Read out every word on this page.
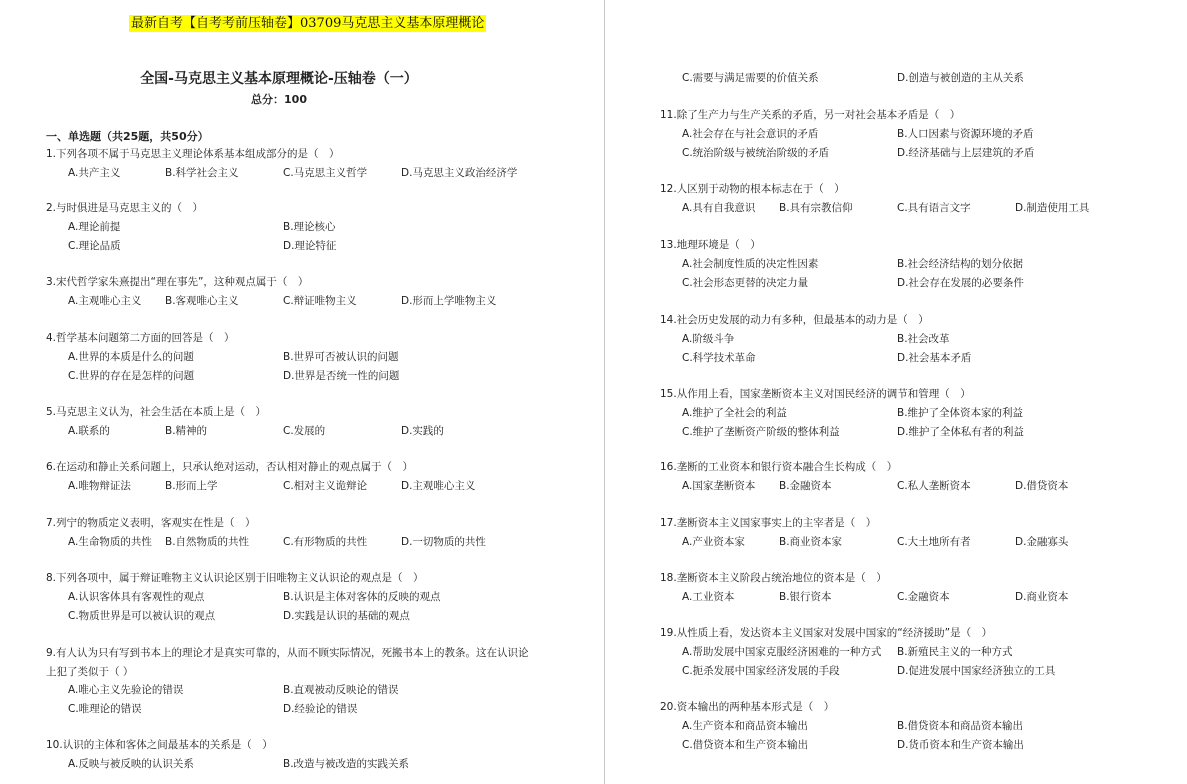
最新自考【自考考前压轴卷】03709马克思主义基本原理概论
全国-马克思主义基本原理概论-压轴卷（一）
总分：100
一、单选题（共25题，共50分）
1.下列各项不属于马克思主义理论体系基本组成部分的是（　）
A.共产主义	B.科学社会主义	C.马克思主义哲学	D.马克思主义政治经济学
2.与时俱进是马克思主义的（　）
A.理论前提	B.理论核心
C.理论品质	D.理论特征
3.宋代哲学家朱熹提出“理在事先”，这种观点属于（　）
A.主观唯心主义 B.客观唯心主义	C.辩证唯物主义	D.形而上学唯物主义
4.哲学基本问题第二方面的回答是（　）
A.世界的本质是什么的问题	B.世界可否被认识的问题
C.世界的存在是怎样的问题	D.世界是否统一性的问题
5.马克思主义认为，社会生活在本质上是（　）
A.联系的	B.精神的	C.发展的	D.实践的
6.在运动和静止关系问题上，只承认绝对运动，否认相对静止的观点属于（　）
A.唯物辩证法	B.形而上学	C.相对主义诡辩论	D.主观唯心主义
7.列宁的物质定义表明，客观实在性是（　）
A.生命物质的共性 B.自然物质的共性	C.有形物质的共性	D.一切物质的共性
8.下列各项中，属于辩证唯物主义认识论区别于旧唯物主义认识论的观点是（　）
A.认识客体具有客观性的观点	B.认识是主体对客体的反映的观点
C.物质世界是可以被认识的观点	D.实践是认识的基础的观点
9.有人认为只有写到书本上的理论才是真实可靠的，从而不顾实际情况，死搬书本上的教条。这在认识论
上犯了类似于（ ）
A.唯心主义先验论的错误	B.直观被动反映论的错误
C.唯理论的错误	D.经验论的错误
10.认识的主体和客体之间最基本的关系是（　）
A.反映与被反映的认识关系	B.改造与被改造的实践关系
C.需要与满足需要的价值关系	D.创造与被创造的主从关系
11.除了生产力与生产关系的矛盾，另一对社会基本矛盾是（　）
A.社会存在与社会意识的矛盾	B.人口因素与资源环境的矛盾
C.统治阶级与被统治阶级的矛盾	D.经济基础与上层建筑的矛盾
12.人区别于动物的根本标志在于（　）
A.具有自我意识 B.具有宗教信仰	C.具有语言文字	D.制造使用工具
13.地理环境是（　）
A.社会制度性质的决定性因素	B.社会经济结构的划分依据
C.社会形态更替的决定力量	D.社会存在发展的必要条件
14.社会历史发展的动力有多种，但最基本的动力是（　）
A.阶级斗争	B.社会改革
C.科学技术革命	D.社会基本矛盾
15.从作用上看，国家垄断资本主义对国民经济的调节和管理（　）
A.维护了全社会的利益	B.维护了全体资本家的利益
C.维护了垄断资产阶级的整体利益	D.维护了全体私有者的利益
16.垄断的工业资本和银行资本融合生长构成（　）
A.国家垄断资本 B.金融资本	C.私人垄断资本	D.借贷资本
17.垄断资本主义国家事实上的主宰者是（　）
A.产业资本家	B.商业资本家	C.大土地所有者	D.金融寡头
18.垄断资本主义阶段占统治地位的资本是（　）
A.工业资本	B.银行资本	C.金融资本	D.商业资本
19.从性质上看，发达资本主义国家对发展中国家的“经济援助”是（　）
A.帮助发展中国家克服经济困难的一种方式 B.新殖民主义的一种方式
C.扼杀发展中国家经济发展的手段	D.促进发展中国家经济独立的工具
20.资本输出的两种基本形式是（　）
A.生产资本和商品资本输出	B.借贷资本和商品资本输出
C.借贷资本和生产资本输出	D.货币资本和生产资本输出
